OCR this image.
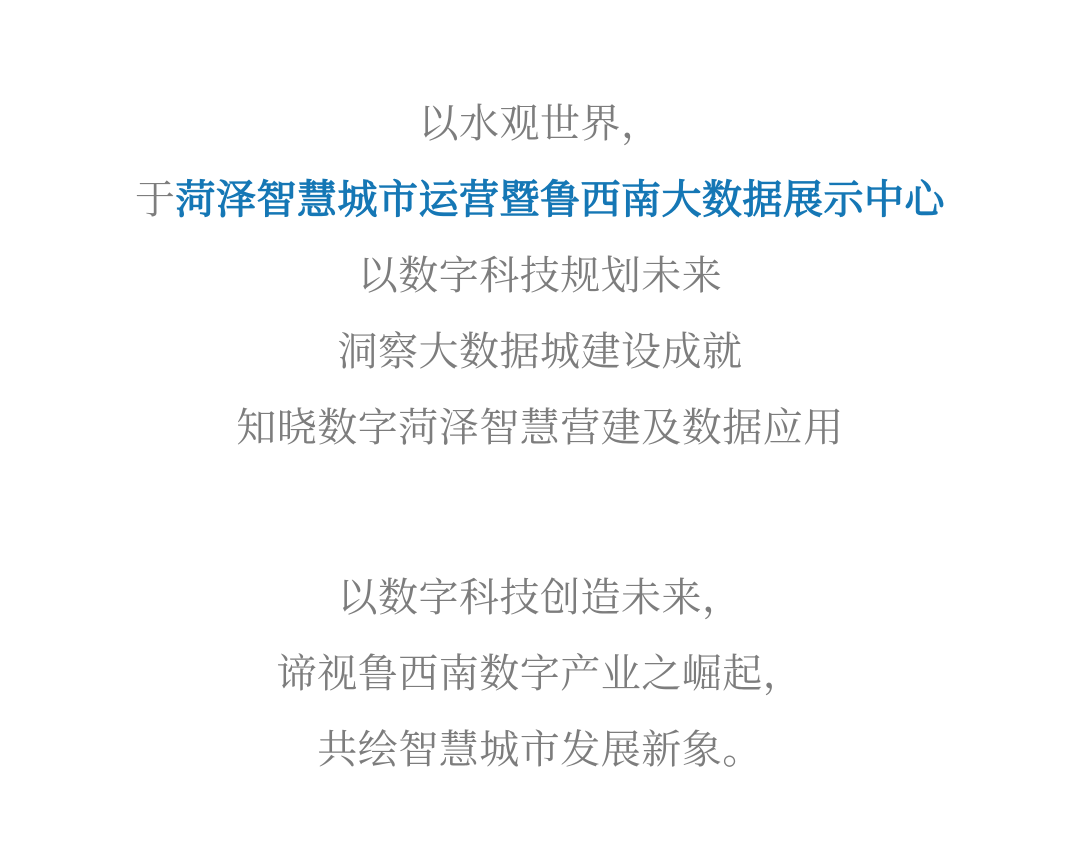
以水观世界，

于菏泽智慧城市运营暨鲁西南大数据展示中心

以数字科技规划未来

洞察大数据城建设成就

知晓数字菏泽智慧营建及数据应用

以数字科技创造未来，

谛视鲁西南数字产业之崛起，

共绘智慧城市发展新象。
